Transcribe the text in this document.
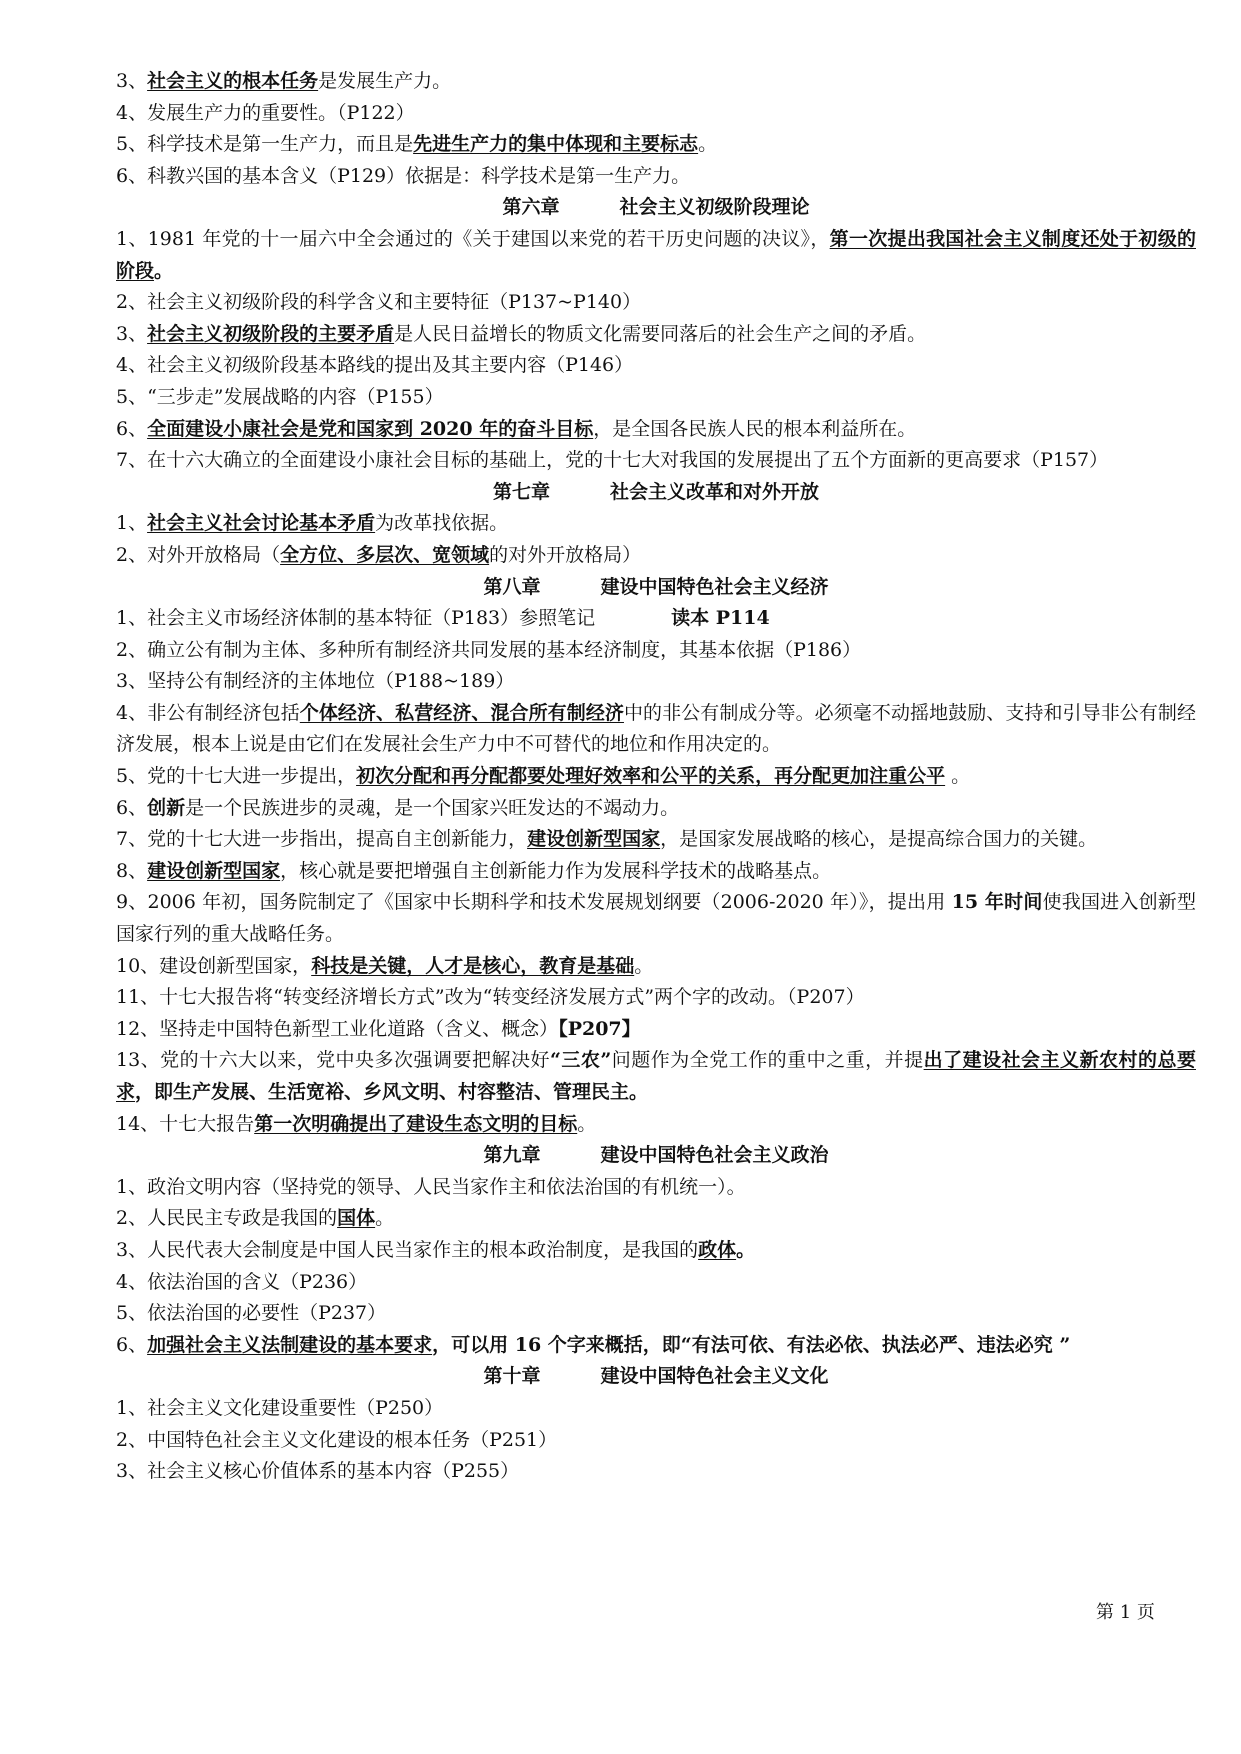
3、社会主义的根本任务是发展生产力。
4、发展生产力的重要性。（P122）
5、科学技术是第一生产力，而且是先进生产力的集中体现和主要标志。
6、科教兴国的基本含义（P129）依据是：科学技术是第一生产力。
第六章	社会主义初级阶段理论
1、1981 年党的十一届六中全会通过的《关于建国以来党的若干历史问题的决议》，第一次提出我国社会主义制度还处于初级的阶段。
2、社会主义初级阶段的科学含义和主要特征（P137~P140）
3、社会主义初级阶段的主要矛盾是人民日益增长的物质文化需要同落后的社会生产之间的矛盾。
4、社会主义初级阶段基本路线的提出及其主要内容（P146）
5、“三步走”发展战略的内容（P155）
6、全面建设小康社会是党和国家到 2020 年的奋斗目标，是全国各民族人民的根本利益所在。
7、在十六大确立的全面建设小康社会目标的基础上，党的十七大对我国的发展提出了五个方面新的更高要求（P157）
第七章	社会主义改革和对外开放
1、社会主义社会讨论基本矛盾为改革找依据。
2、对外开放格局（全方位、多层次、宽领域的对外开放格局）
第八章	建设中国特色社会主义经济
1、社会主义市场经济体制的基本特征（P183）参照笔记	读本 P114
2、确立公有制为主体、多种所有制经济共同发展的基本经济制度，其基本依据（P186）
3、坚持公有制经济的主体地位（P188~189）
4、非公有制经济包括个体经济、私营经济、混合所有制经济中的非公有制成分等。必须毫不动摇地鼓励、支持和引导非公有制经济发展，根本上说是由它们在发展社会生产力中不可替代的地位和作用决定的。
5、党的十七大进一步提出，初次分配和再分配都要处理好效率和公平的关系，再分配更加注重公平 。
6、创新是一个民族进步的灵魂，是一个国家兴旺发达的不竭动力。
7、党的十七大进一步指出，提高自主创新能力，建设创新型国家，是国家发展战略的核心，是提高综合国力的关键。
8、建设创新型国家，核心就是要把增强自主创新能力作为发展科学技术的战略基点。
9、2006 年初，国务院制定了《国家中长期科学和技术发展规划纲要（2006-2020 年）》，提出用 15 年时间使我国进入创新型国家行列的重大战略任务。
10、建设创新型国家，科技是关键，人才是核心，教育是基础。
11、十七大报告将“转变经济增长方式”改为“转变经济发展方式”两个字的改动。（P207）
12、坚持走中国特色新型工业化道路（含义、概念）【P207】
13、党的十六大以来，党中央多次强调要把解决好“三农”问题作为全党工作的重中之重，并提出了建设社会主义新农村的总要求，即生产发展、生活宽裕、乡风文明、村容整洁、管理民主。
14、十七大报告第一次明确提出了建设生态文明的目标。
第九章	建设中国特色社会主义政治
1、政治文明内容（坚持党的领导、人民当家作主和依法治国的有机统一）。
2、人民民主专政是我国的国体。
3、人民代表大会制度是中国人民当家作主的根本政治制度，是我国的政体。
4、依法治国的含义（P236）
5、依法治国的必要性（P237）
6、加强社会主义法制建设的基本要求，可以用 16 个字来概括，即“有法可依、有法必依、执法必严、违法必究 ”
第十章	建设中国特色社会主义文化
1、社会主义文化建设重要性（P250）
2、中国特色社会主义文化建设的根本任务（P251）
3、社会主义核心价值体系的基本内容（P255）
第 1 页
